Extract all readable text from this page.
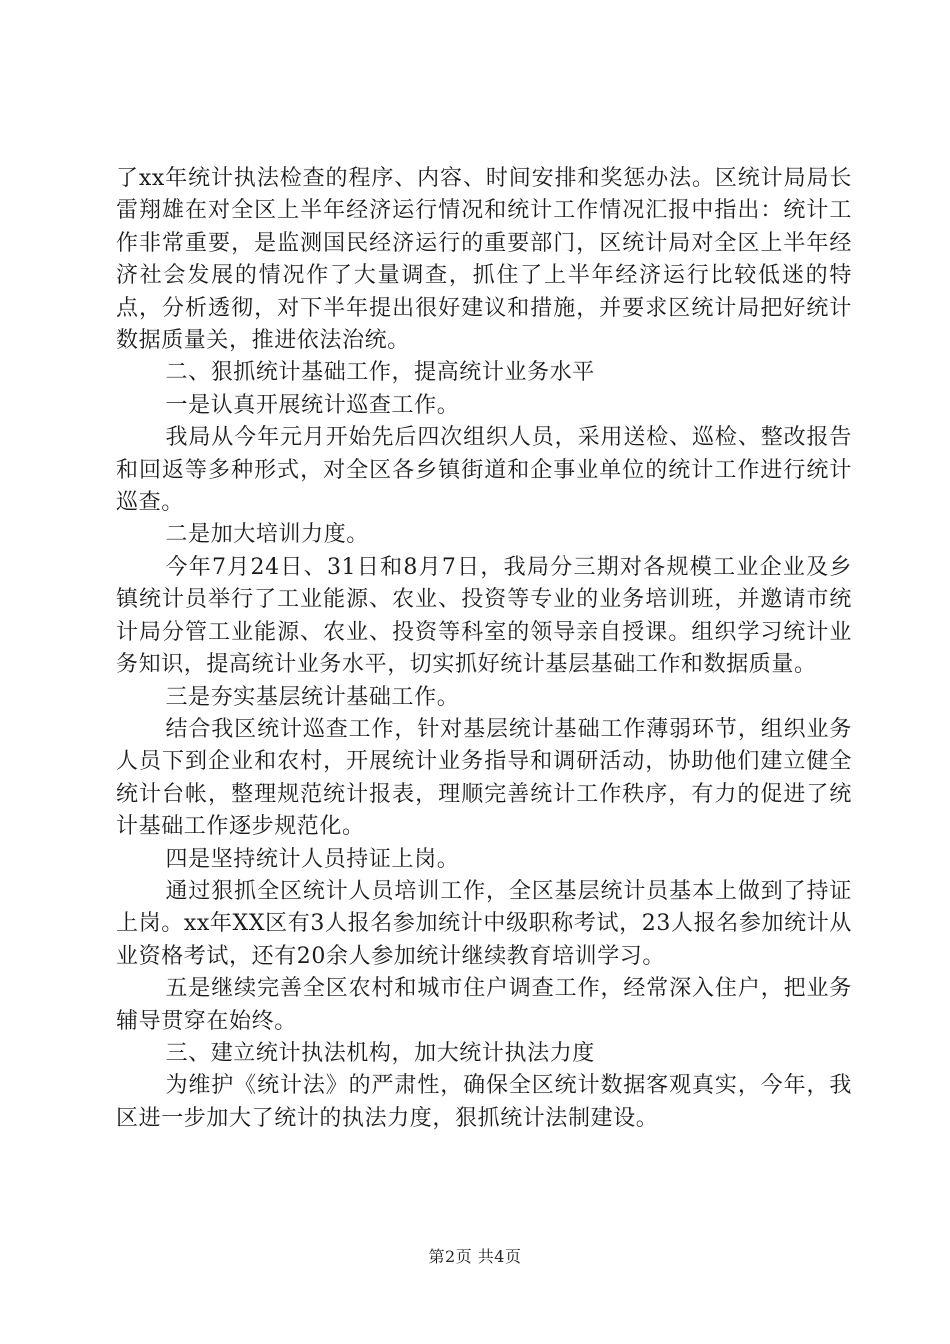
了xx年统计执法检查的程序、内容、时间安排和奖惩办法。区统计局局长雷翔雄在对全区上半年经济运行情况和统计工作情况汇报中指出：统计工作非常重要，是监测国民经济运行的重要部门，区统计局对全区上半年经济社会发展的情况作了大量调查，抓住了上半年经济运行比较低迷的特点，分析透彻，对下半年提出很好建议和措施，并要求区统计局把好统计数据质量关，推进依法治统。

二、狠抓统计基础工作，提高统计业务水平

一是认真开展统计巡查工作。

我局从今年元月开始先后四次组织人员，采用送检、巡检、整改报告和回返等多种形式，对全区各乡镇街道和企事业单位的统计工作进行统计巡查。

二是加大培训力度。

今年7月24日、31日和8月7日，我局分三期对各规模工业企业及乡镇统计员举行了工业能源、农业、投资等专业的业务培训班，并邀请市统计局分管工业能源、农业、投资等科室的领导亲自授课。组织学习统计业务知识，提高统计业务水平，切实抓好统计基层基础工作和数据质量。

三是夯实基层统计基础工作。

结合我区统计巡查工作，针对基层统计基础工作薄弱环节，组织业务人员下到企业和农村，开展统计业务指导和调研活动，协助他们建立健全统计台帐，整理规范统计报表，理顺完善统计工作秩序，有力的促进了统计基础工作逐步规范化。

四是坚持统计人员持证上岗。

通过狠抓全区统计人员培训工作，全区基层统计员基本上做到了持证上岗。xx年XX区有3人报名参加统计中级职称考试，23人报名参加统计从业资格考试，还有20余人参加统计继续教育培训学习。

五是继续完善全区农村和城市住户调查工作，经常深入住户，把业务辅导贯穿在始终。

三、建立统计执法机构，加大统计执法力度

为维护《统计法》的严肃性，确保全区统计数据客观真实，今年，我区进一步加大了统计的执法力度，狠抓统计法制建设。

第2页 共4页
